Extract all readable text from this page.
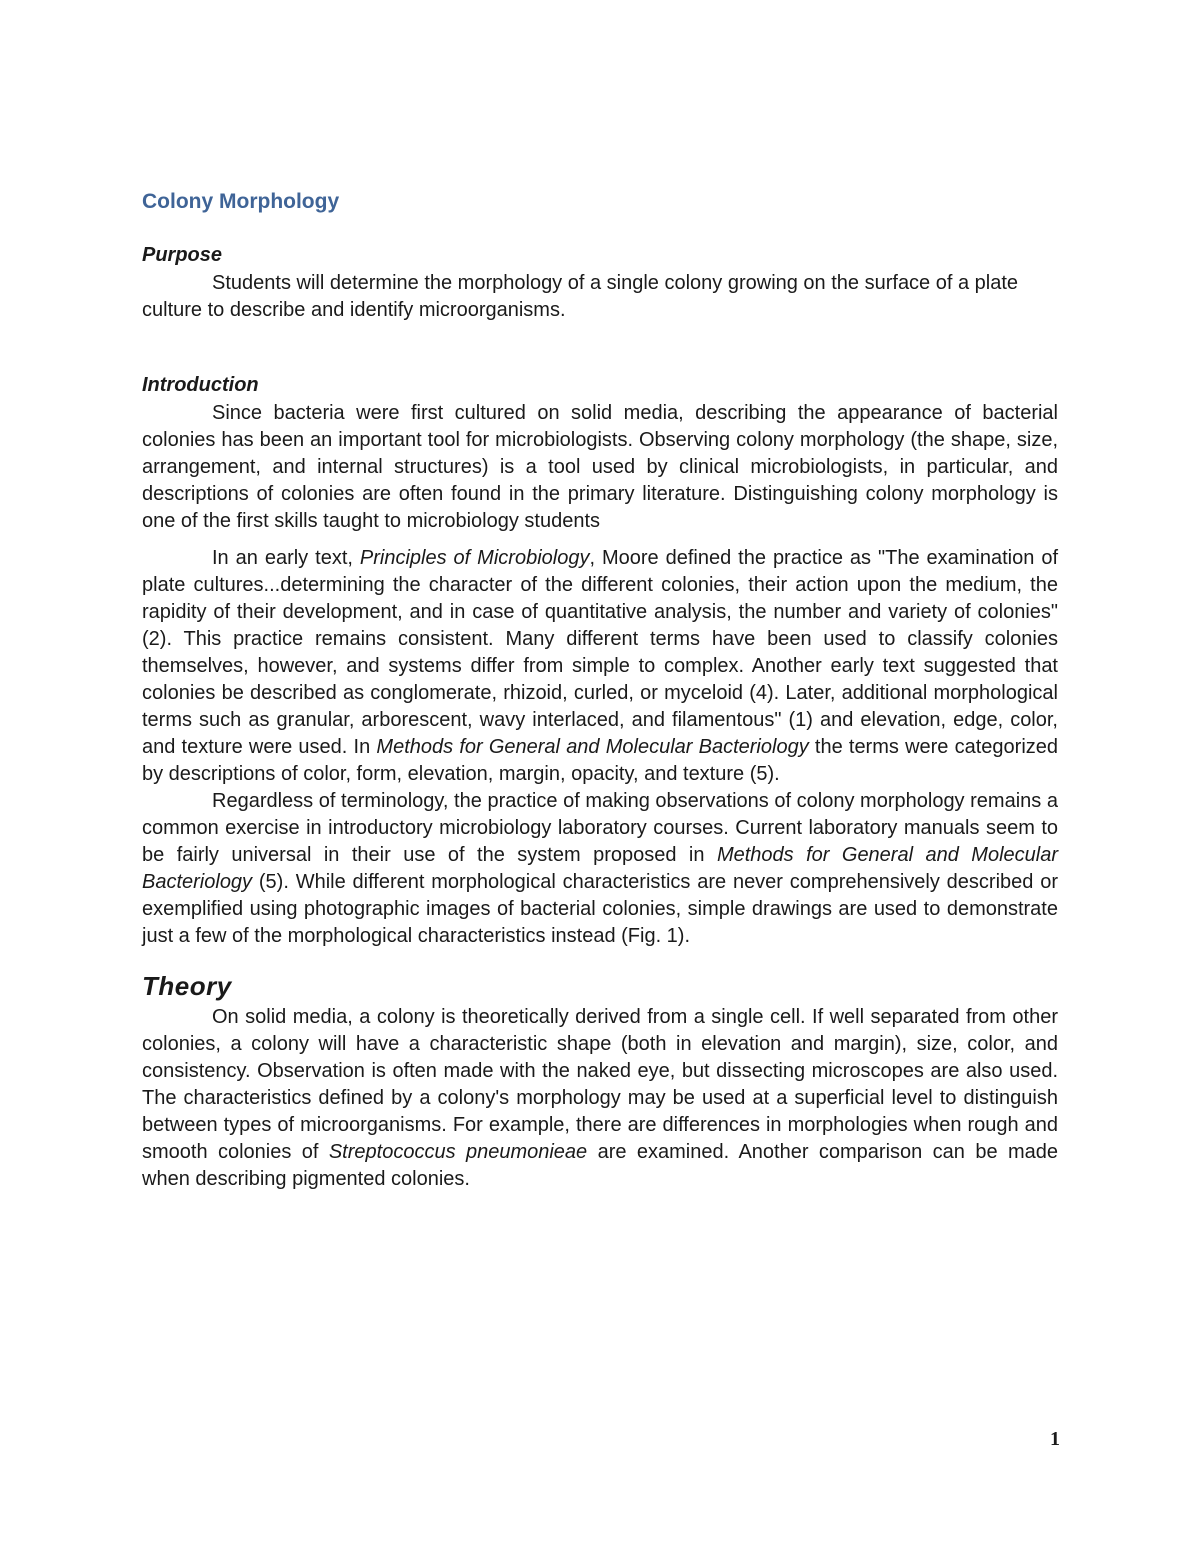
Colony Morphology
Purpose

Students will determine the morphology of a single colony growing on the surface of a plate culture to describe and identify microorganisms.

Introduction

Since bacteria were first cultured on solid media, describing the appearance of bacterial colonies has been an important tool for microbiologists. Observing colony morphology (the shape, size, arrangement, and internal structures) is a tool used by clinical microbiologists, in particular, and descriptions of colonies are often found in the primary literature. Distinguishing colony morphology is one of the first skills taught to microbiology students

In an early text, Principles of Microbiology, Moore defined the practice as "The examination of plate cultures...determining the character of the different colonies, their action upon the medium, the rapidity of their development, and in case of quantitative analysis, the number and variety of colonies" (2). This practice remains consistent. Many different terms have been used to classify colonies themselves, however, and systems differ from simple to complex. Another early text suggested that colonies be described as conglomerate, rhizoid, curled, or myceloid (4). Later, additional morphological terms such as granular, arborescent, wavy interlaced, and filamentous" (1) and elevation, edge, color, and texture were used. In Methods for General and Molecular Bacteriology the terms were categorized by descriptions of color, form, elevation, margin, opacity, and texture (5).

Regardless of terminology, the practice of making observations of colony morphology remains a common exercise in introductory microbiology laboratory courses. Current laboratory manuals seem to be fairly universal in their use of the system proposed in Methods for General and Molecular Bacteriology (5). While different morphological characteristics are never comprehensively described or exemplified using photographic images of bacterial colonies, simple drawings are used to demonstrate just a few of the morphological characteristics instead (Fig. 1).

Theory

On solid media, a colony is theoretically derived from a single cell. If well separated from other colonies, a colony will have a characteristic shape (both in elevation and margin), size, color, and consistency. Observation is often made with the naked eye, but dissecting microscopes are also used. The characteristics defined by a colony's morphology may be used at a superficial level to distinguish between types of microorganisms. For example, there are differences in morphologies when rough and smooth colonies of Streptococcus pneumonieae are examined. Another comparison can be made when describing pigmented colonies.

1
